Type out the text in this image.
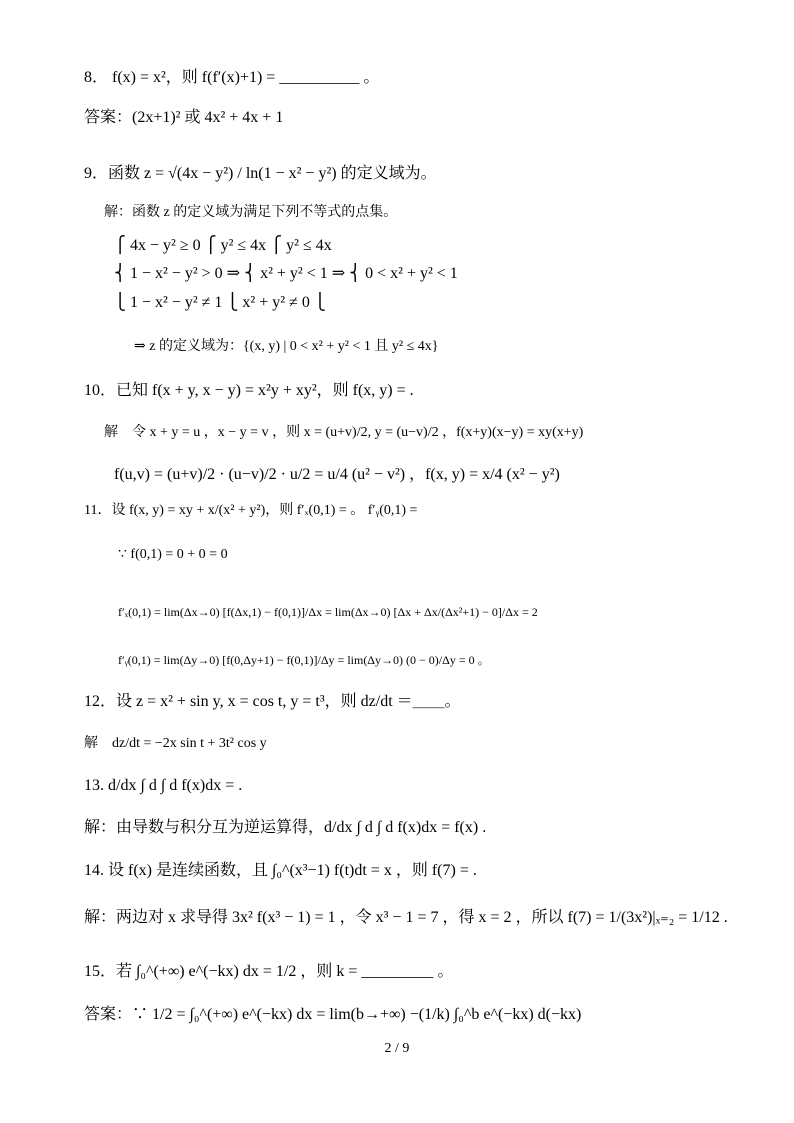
8． f(x) = x²，则 f(f′(x)+1) = __________ 。
答案：(2x+1)² 或 4x² + 4x + 1
9．函数 z = √(4x − y²) / ln(1 − x² − y²) 的定义域为。
解：函数 z 的定义域为满足下列不等式的点集。
⎧ 4x − y² ≥ 0 ⎧ y² ≤ 4x ⎧ y² ≤ 4x
⎨ 1 − x² − y² > 0 ⇒ ⎨ x² + y² < 1 ⇒ ⎨ 0 < x² + y² < 1
⎩ 1 − x² − y² ≠ 1 ⎩ x² + y² ≠ 0 ⎩
⇒ z 的定义域为：{(x, y) | 0 < x² + y² < 1 且 y² ≤ 4x}
10．已知 f(x + y, x − y) = x²y + xy²，则 f(x, y) = .
解　令 x + y = u ，x − y = v ，则 x = (u+v)/2, y = (u−v)/2 ，f(x+y)(x−y) = xy(x+y)
f(u,v) = (u+v)/2 · (u−v)/2 · u/2 = u/4 (u² − v²) ，f(x, y) = x/4 (x² − y²)
11．设 f(x, y) = xy + x/(x² + y²)，则 f′ₓ(0,1) = 。 f′ᵧ(0,1) =
∵ f(0,1) = 0 + 0 = 0
f′ₓ(0,1) = lim(Δx→0) [f(Δx,1) − f(0,1)]/Δx = lim(Δx→0) [Δx + Δx/(Δx²+1) − 0]/Δx = 2
f′ᵧ(0,1) = lim(Δy→0) [f(0,Δy+1) − f(0,1)]/Δy = lim(Δy→0) (0 − 0)/Δy = 0 。
12．设 z = x² + sin y, x = cos t, y = t³，则 dz/dt ＝＿＿。
解　dz/dt = −2x sin t + 3t² cos y
13. d/dx ∫ d ∫ d f(x)dx = .
解：由导数与积分互为逆运算得，d/dx ∫ d ∫ d f(x)dx = f(x) .
14. 设 f(x) 是连续函数，且 ∫₀^(x³−1) f(t)dt = x ，则 f(7) = .
解：两边对 x 求导得 3x² f(x³ − 1) = 1 ，令 x³ − 1 = 7 ，得 x = 2 ，所以 f(7) = 1/(3x²)|ₓ₌₂ = 1/12 .
15．若 ∫₀^(+∞) e^(−kx) dx = 1/2 ，则 k = _________ 。
答案：∵ 1/2 = ∫₀^(+∞) e^(−kx) dx = lim(b→+∞) −(1/k) ∫₀^b e^(−kx) d(−kx)
2 / 9
